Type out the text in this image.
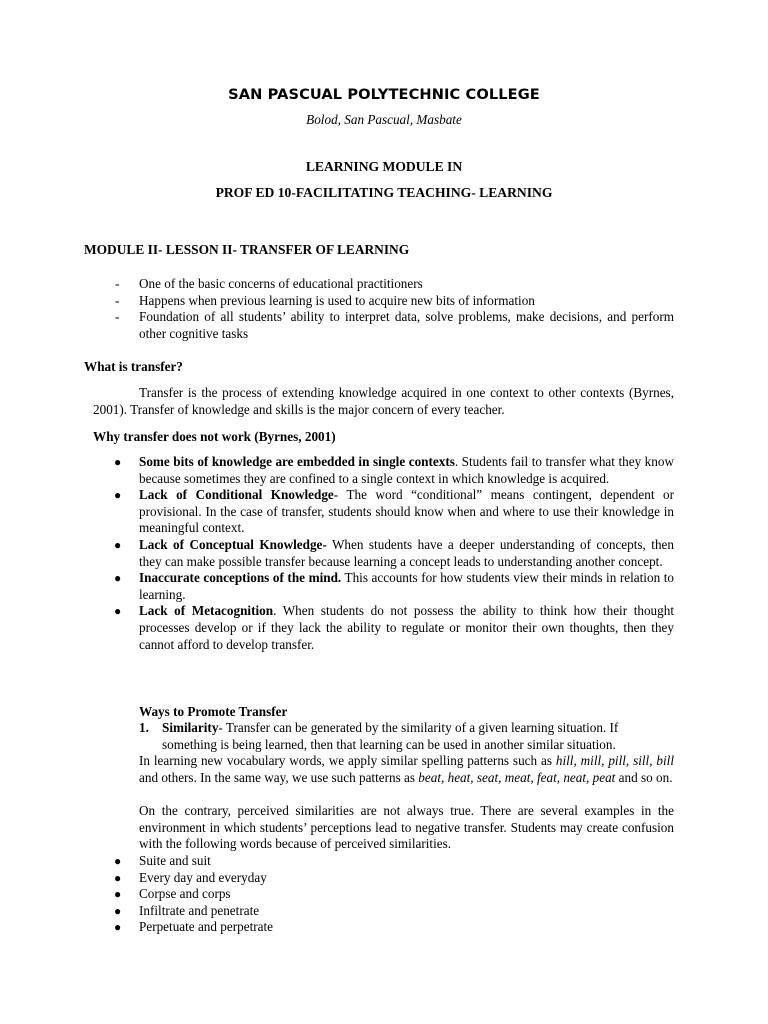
SAN PASCUAL POLYTECHNIC COLLEGE
Bolod, San Pascual, Masbate
LEARNING MODULE IN
PROF ED 10-FACILITATING TEACHING- LEARNING
MODULE II- LESSON II- TRANSFER OF LEARNING
- One of the basic concerns of educational practitioners
- Happens when previous learning is used to acquire new bits of information
- Foundation of all students’ ability to interpret data, solve problems, make decisions, and perform other cognitive tasks
What is transfer?
Transfer is the process of extending knowledge acquired in one context to other contexts (Byrnes, 2001). Transfer of knowledge and skills is the major concern of every teacher.
Why transfer does not work (Byrnes, 2001)
● Some bits of knowledge are embedded in single contexts. Students fail to transfer what they know because sometimes they are confined to a single context in which knowledge is acquired.
● Lack of Conditional Knowledge- The word “conditional” means contingent, dependent or provisional. In the case of transfer, students should know when and where to use their knowledge in meaningful context.
● Lack of Conceptual Knowledge- When students have a deeper understanding of concepts, then they can make possible transfer because learning a concept leads to understanding another concept.
● Inaccurate conceptions of the mind. This accounts for how students view their minds in relation to learning.
● Lack of Metacognition. When students do not possess the ability to think how their thought processes develop or if they lack the ability to regulate or monitor their own thoughts, then they cannot afford to develop transfer.
Ways to Promote Transfer
1. Similarity- Transfer can be generated by the similarity of a given learning situation. If
something is being learned, then that learning can be used in another similar situation.
In learning new vocabulary words, we apply similar spelling patterns such as hill, mill, pill, sill, bill and others. In the same way, we use such patterns as beat, heat, seat, meat, feat, neat, peat and so on.
On the contrary, perceived similarities are not always true. There are several examples in the environment in which students’ perceptions lead to negative transfer. Students may create confusion with the following words because of perceived similarities.
● Suite and suit
● Every day and everyday
● Corpse and corps
● Infiltrate and penetrate
● Perpetuate and perpetrate
